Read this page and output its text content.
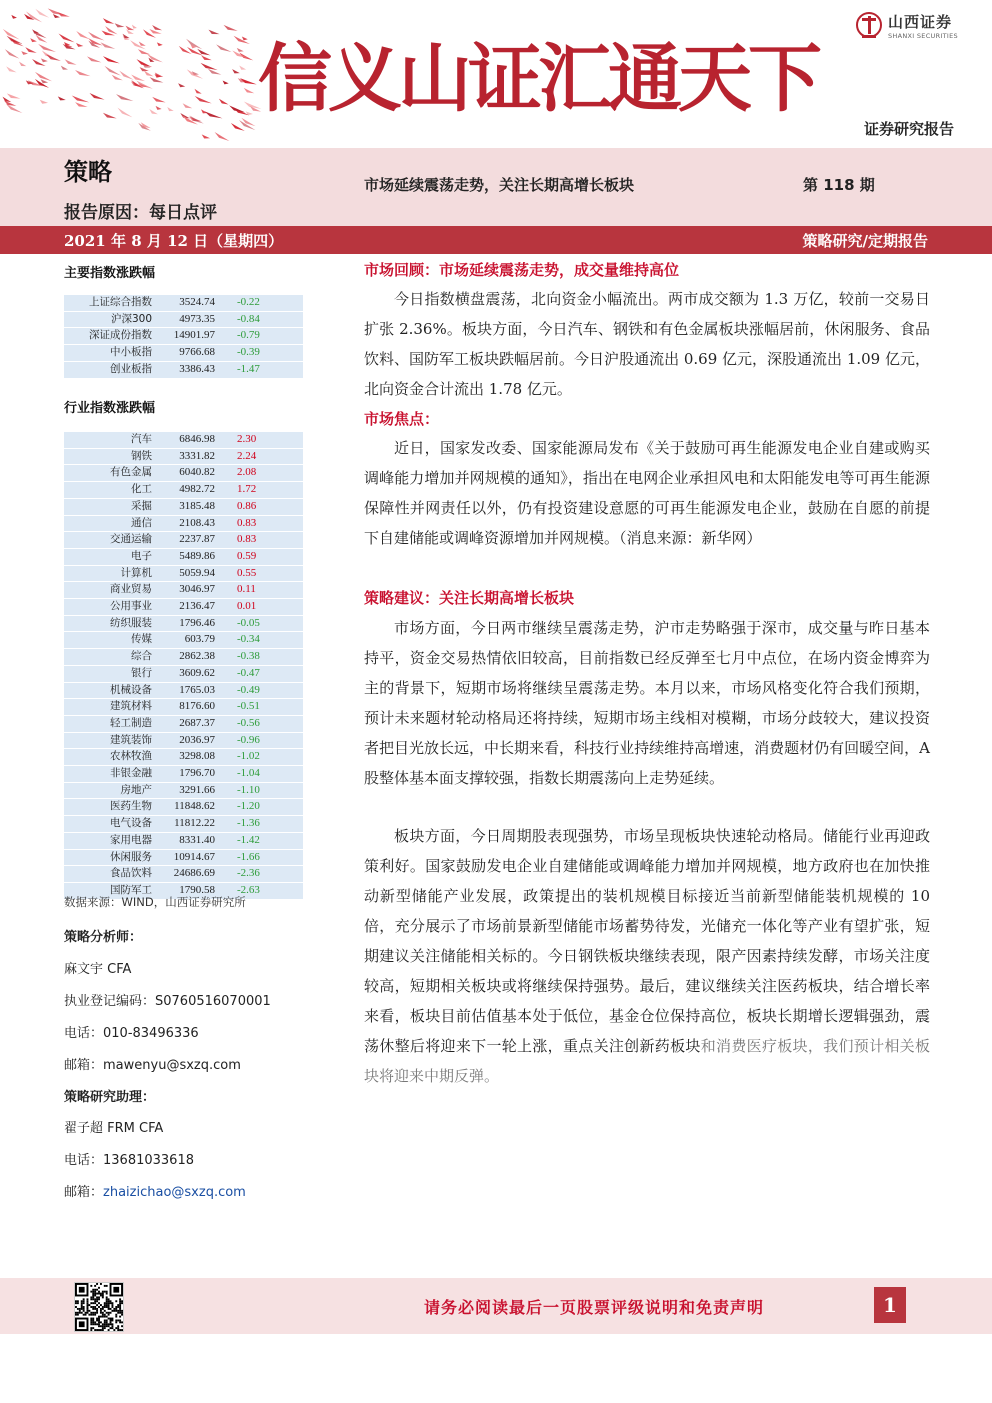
信义山证汇通天下
山西证券
SHANXI SECURITIES
证券研究报告
策略	市场延续震荡走势，关注长期高增长板块	第 118 期
报告原因：每日点评
2021 年 8 月 12 日（星期四）	策略研究/定期报告
主要指数涨跌幅
上证综合指数	3524.74	-0.22
沪深300	4973.35	-0.84
深证成份指数	14901.97	-0.79
中小板指	9766.68	-0.39
创业板指	3386.43	-1.47
行业指数涨跌幅
汽车	6846.98	2.30
钢铁	3331.82	2.24
有色金属	6040.82	2.08
化工	4982.72	1.72
采掘	3185.48	0.86
通信	2108.43	0.83
交通运输	2237.87	0.83
电子	5489.86	0.59
计算机	5059.94	0.55
商业贸易	3046.97	0.11
公用事业	2136.47	0.01
纺织服装	1796.46	-0.05
传媒	603.79	-0.34
综合	2862.38	-0.38
银行	3609.62	-0.47
机械设备	1765.03	-0.49
建筑材料	8176.60	-0.51
轻工制造	2687.37	-0.56
建筑装饰	2036.97	-0.96
农林牧渔	3298.08	-1.02
非银金融	1796.70	-1.04
房地产	3291.66	-1.10
医药生物	11848.62	-1.20
电气设备	11812.22	-1.36
家用电器	8331.40	-1.42
休闲服务	10914.67	-1.66
食品饮料	24686.69	-2.36
国防军工	1790.58	-2.63
数据来源：WIND，山西证券研究所
策略分析师：
麻文宇 CFA
执业登记编码：S0760516070001
电话：010-83496336
邮箱：mawenyu@sxzq.com
策略研究助理：
翟子超 FRM CFA
电话：13681033618
邮箱：zhaizichao@sxzq.com
市场回顾：市场延续震荡走势，成交量维持高位

今日指数横盘震荡，北向资金小幅流出。两市成交额为 1.3 万亿，较前一交易日扩张 2.36%。板块方面，今日汽车、钢铁和有色金属板块涨幅居前，休闲服务、食品饮料、国防军工板块跌幅居前。今日沪股通流出 0.69 亿元，深股通流出 1.09 亿元，北向资金合计流出 1.78 亿元。

市场焦点：

近日，国家发改委、国家能源局发布《关于鼓励可再生能源发电企业自建或购买调峰能力增加并网规模的通知》，指出在电网企业承担风电和太阳能发电等可再生能源保障性并网责任以外，仍有投资建设意愿的可再生能源发电企业，鼓励在自愿的前提下自建储能或调峰资源增加并网规模。（消息来源：新华网）

策略建议：关注长期高增长板块

市场方面，今日两市继续呈震荡走势，沪市走势略强于深市，成交量与昨日基本持平，资金交易热情依旧较高，目前指数已经反弹至七月中点位，在场内资金博弈为主的背景下，短期市场将继续呈震荡走势。本月以来，市场风格变化符合我们预期，预计未来题材轮动格局还将持续，短期市场主线相对模糊，市场分歧较大，建议投资者把目光放长远，中长期来看，科技行业持续维持高增速，消费题材仍有回暖空间，A 股整体基本面支撑较强，指数长期震荡向上走势延续。

板块方面，今日周期股表现强势，市场呈现板块快速轮动格局。储能行业再迎政策利好。国家鼓励发电企业自建储能或调峰能力增加并网规模，地方政府也在加快推动新型储能产业发展，政策提出的装机规模目标接近当前新型储能装机规模的 10 倍，充分展示了市场前景新型储能市场蓄势待发，光储充一体化等产业有望扩张，短期建议关注储能相关标的。今日钢铁板块继续表现，限产因素持续发酵，市场关注度较高，短期相关板块或将继续保持强势。最后，建议继续关注医药板块，结合增长率来看，板块目前估值基本处于低位，基金仓位保持高位，板块长期增长逻辑强劲，震荡休整后将迎来下一轮上涨，重点关注创新药板块和消费医疗板块，我们预计相关板块将迎来中期反弹。

请务必阅读最后一页股票评级说明和免责声明	1
